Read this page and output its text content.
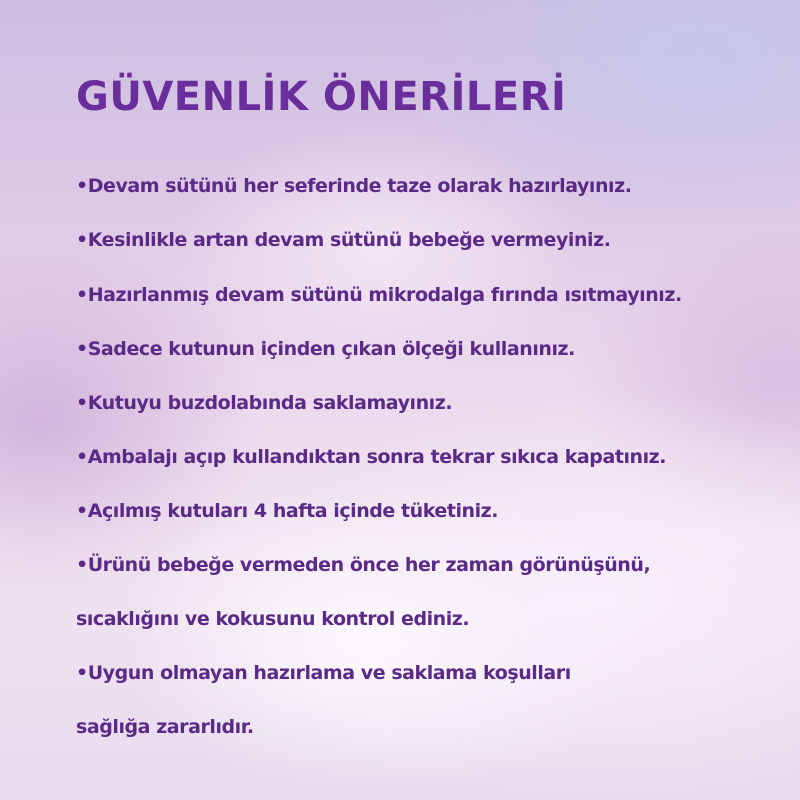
GÜVENLİK ÖNERİLERİ

•Devam sütünü her seferinde taze olarak hazırlayınız.

•Kesinlikle artan devam sütünü bebeğe vermeyiniz.

•Hazırlanmış devam sütünü mikrodalga fırında ısıtmayınız.

•Sadece kutunun içinden çıkan ölçeği kullanınız.

•Kutuyu buzdolabında saklamayınız.

•Ambalajı açıp kullandıktan sonra tekrar sıkıca kapatınız.

•Açılmış kutuları 4 hafta içinde tüketiniz.

•Ürünü bebeğe vermeden önce her zaman görünüşünü,

sıcaklığını ve kokusunu kontrol ediniz.

•Uygun olmayan hazırlama ve saklama koşulları

sağlığa zararlıdır.
